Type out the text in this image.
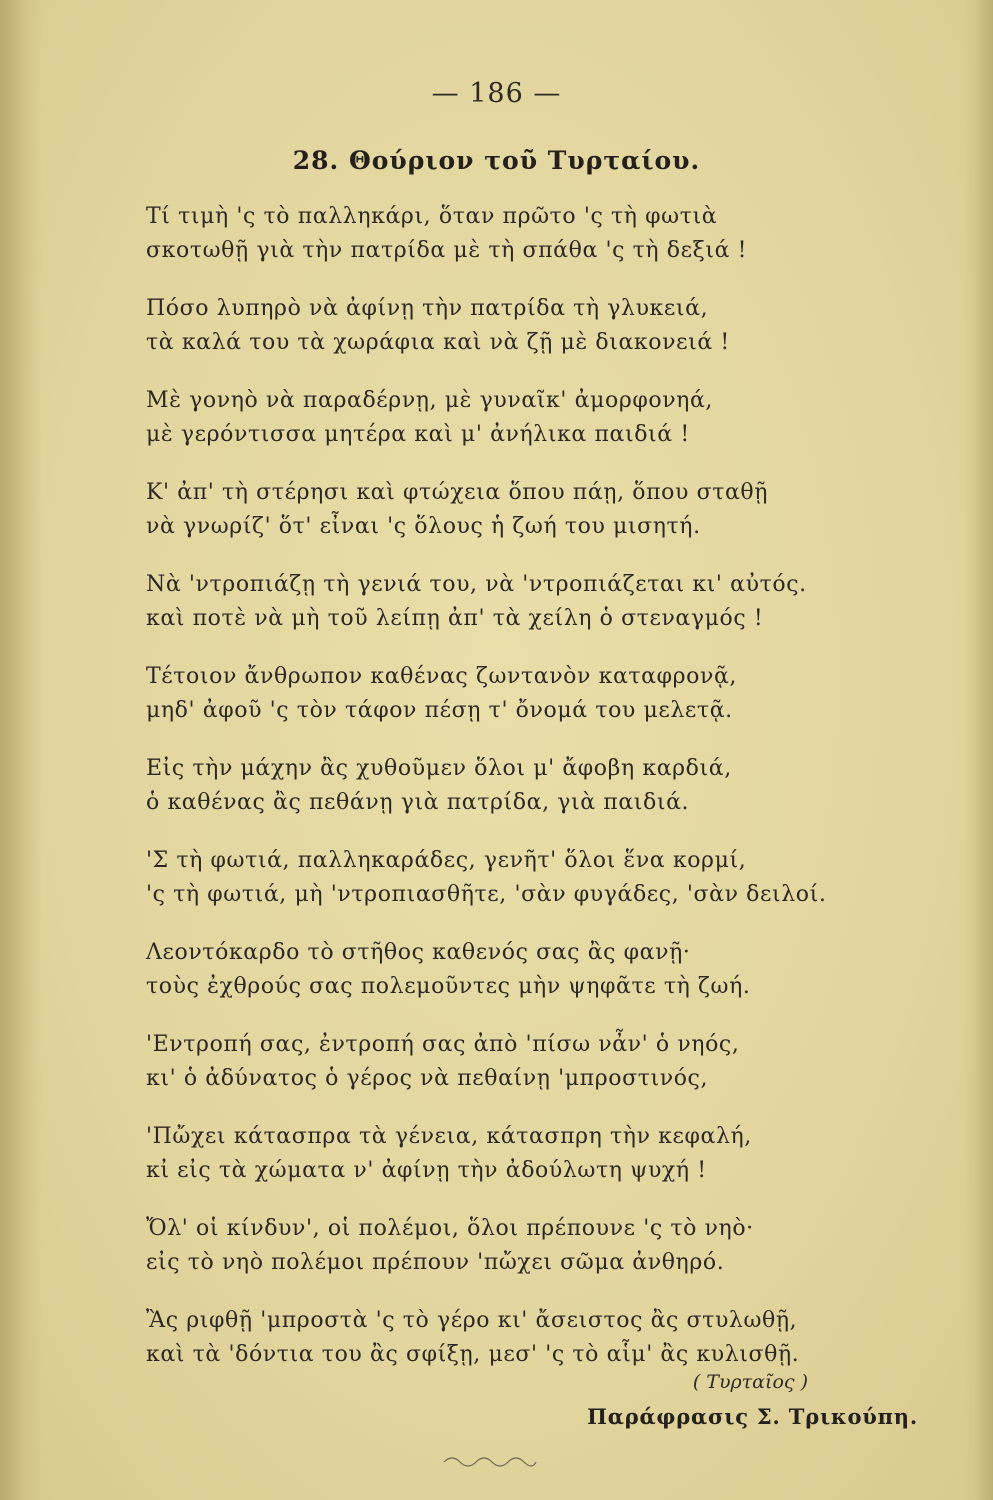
— 186 —
28. Θούριον τοῦ Τυρταίου.
Τί τιμὴ 'ς τὸ παλληκάρι, ὅταν πρῶτο 'ς τὴ φωτιὰ
σκοτωθῇ γιὰ τὴν πατρίδα μὲ τὴ σπάθα 'ς τὴ δεξιά !
Πόσο λυπηρὸ νὰ ἀφίνῃ τὴν πατρίδα τὴ γλυκειά,
τὰ καλά του τὰ χωράφια καὶ νὰ ζῇ μὲ διακονειά !
Μὲ γονηὸ νὰ παραδέρνῃ, μὲ γυναῖκ' ἀμορφονηά,
μὲ γερόντισσα μητέρα καὶ μ' ἀνήλικα παιδιά !
Κ' ἀπ' τὴ στέρησι καὶ φτώχεια ὅπου πάῃ, ὅπου σταθῇ
νὰ γνωρίζ' ὅτ' εἶναι 'ς ὅλους ἡ ζωή του μισητή.
Νὰ 'ντροπιάζῃ τὴ γενιά του, νὰ 'ντροπιάζεται κι' αὐτός.
καὶ ποτὲ νὰ μὴ τοῦ λείπῃ ἀπ' τὰ χείλη ὁ στεναγμός !
Τέτοιον ἄνθρωπον καθένας ζωντανὸν καταφρονᾷ,
μηδ' ἀφοῦ 'ς τὸν τάφον πέσῃ τ' ὄνομά του μελετᾷ.
Εἰς τὴν μάχην ἂς χυθοῦμεν ὅλοι μ' ἄφοβη καρδιά,
ὁ καθένας ἂς πεθάνῃ γιὰ πατρίδα, γιὰ παιδιά.
'Σ τὴ φωτιά, παλληκαράδες, γενῆτ' ὅλοι ἕνα κορμί,
'ς τὴ φωτιά, μὴ 'ντροπιασθῆτε, 'σὰν φυγάδες, 'σὰν δειλοί.
Λεοντόκαρδο τὸ στῆθος καθενός σας ἂς φανῇ·
τοὺς ἐχθρούς σας πολεμοῦντες μὴν ψηφᾶτε τὴ ζωή.
'Εντροπή σας, ἐντροπή σας ἀπὸ 'πίσω νἆν' ὁ νηός,
κι' ὁ ἀδύνατος ὁ γέρος νὰ πεθαίνῃ 'μπροστινός,
'Πὤχει κάτασπρα τὰ γένεια, κάτασπρη τὴν κεφαλή,
κἰ εἰς τὰ χώματα ν' ἀφίνῃ τὴν ἀδούλωτη ψυχή !
Ὄλ' οἱ κίνδυν', οἱ πολέμοι, ὅλοι πρέπουνε 'ς τὸ νηὸ·
εἰς τὸ νηὸ πολέμοι πρέπουν 'πὤχει σῶμα ἀνθηρό.
Ἂς ριφθῇ 'μπροστὰ 'ς τὸ γέρο κι' ἄσειστος ἂς στυλωθῇ,
καὶ τὰ 'δόντια του ἂς σφίξῃ, μεσ' 'ς τὸ αἷμ' ἂς κυλισθῇ.
( Τυρταῖος )
Παράφρασις Σ. Τρικούπη.
